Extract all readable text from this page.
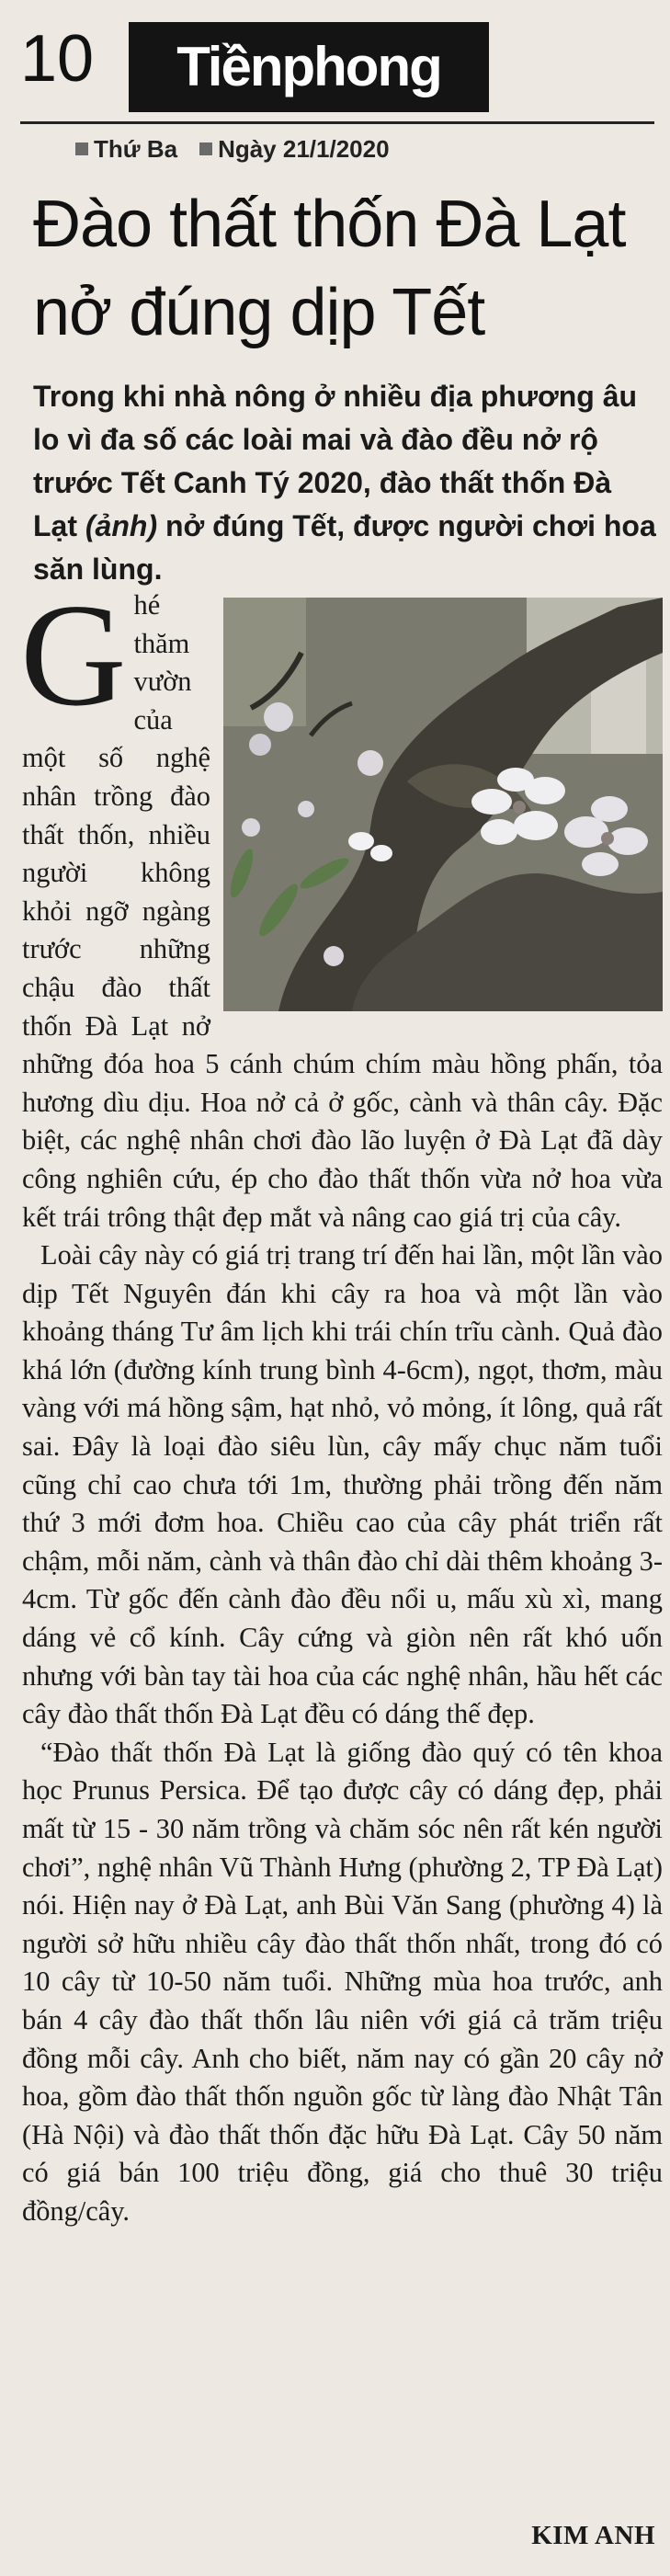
10 Tiềnphong
Thứ Ba Ngày 21/1/2020
Đào thất thốn Đà Lạt nở đúng dịp Tết

Trong khi nhà nông ở nhiều địa phương âu lo vì đa số các loài mai và đào đều nở rộ trước Tết Canh Tý 2020, đào thất thốn Đà Lạt (ảnh) nở đúng Tết, được người chơi hoa săn lùng.

Ghé thăm vườn của một số nghệ nhân trồng đào thất thốn, nhiều người không khỏi ngỡ ngàng trước những chậu đào thất thốn Đà Lạt nở những đóa hoa 5 cánh chúm chím màu hồng phấn, tỏa hương dìu dịu. Hoa nở cả ở gốc, cành và thân cây. Đặc biệt, các nghệ nhân chơi đào lão luyện ở Đà Lạt đã dày công nghiên cứu, ép cho đào thất thốn vừa nở hoa vừa kết trái trông thật đẹp mắt và nâng cao giá trị của cây.

Loài cây này có giá trị trang trí đến hai lần, một lần vào dịp Tết Nguyên đán khi cây ra hoa và một lần vào khoảng tháng Tư âm lịch khi trái chín trĩu cành. Quả đào khá lớn (đường kính trung bình 4-6cm), ngọt, thơm, màu vàng với má hồng sậm, hạt nhỏ, vỏ mỏng, ít lông, quả rất sai. Đây là loại đào siêu lùn, cây mấy chục năm tuổi cũng chỉ cao chưa tới 1m, thường phải trồng đến năm thứ 3 mới đơm hoa. Chiều cao của cây phát triển rất chậm, mỗi năm, cành và thân đào chỉ dài thêm khoảng 3-4cm. Từ gốc đến cành đào đều nổi u, mấu xù xì, mang dáng vẻ cổ kính. Cây cứng và giòn nên rất khó uốn nhưng với bàn tay tài hoa của các nghệ nhân, hầu hết các cây đào thất thốn Đà Lạt đều có dáng thế đẹp.

“Đào thất thốn Đà Lạt là giống đào quý có tên khoa học Prunus Persica. Để tạo được cây có dáng đẹp, phải mất từ 15 - 30 năm trồng và chăm sóc nên rất kén người chơi”, nghệ nhân Vũ Thành Hưng (phường 2, TP Đà Lạt) nói. Hiện nay ở Đà Lạt, anh Bùi Văn Sang (phường 4) là người sở hữu nhiều cây đào thất thốn nhất, trong đó có 10 cây từ 10-50 năm tuổi. Những mùa hoa trước, anh bán 4 cây đào thất thốn lâu niên với giá cả trăm triệu đồng mỗi cây. Anh cho biết, năm nay có gần 20 cây nở hoa, gồm đào thất thốn nguồn gốc từ làng đào Nhật Tân (Hà Nội) và đào thất thốn đặc hữu Đà Lạt. Cây 50 năm có giá bán 100 triệu đồng, giá cho thuê 30 triệu đồng/cây.

KIM ANH
